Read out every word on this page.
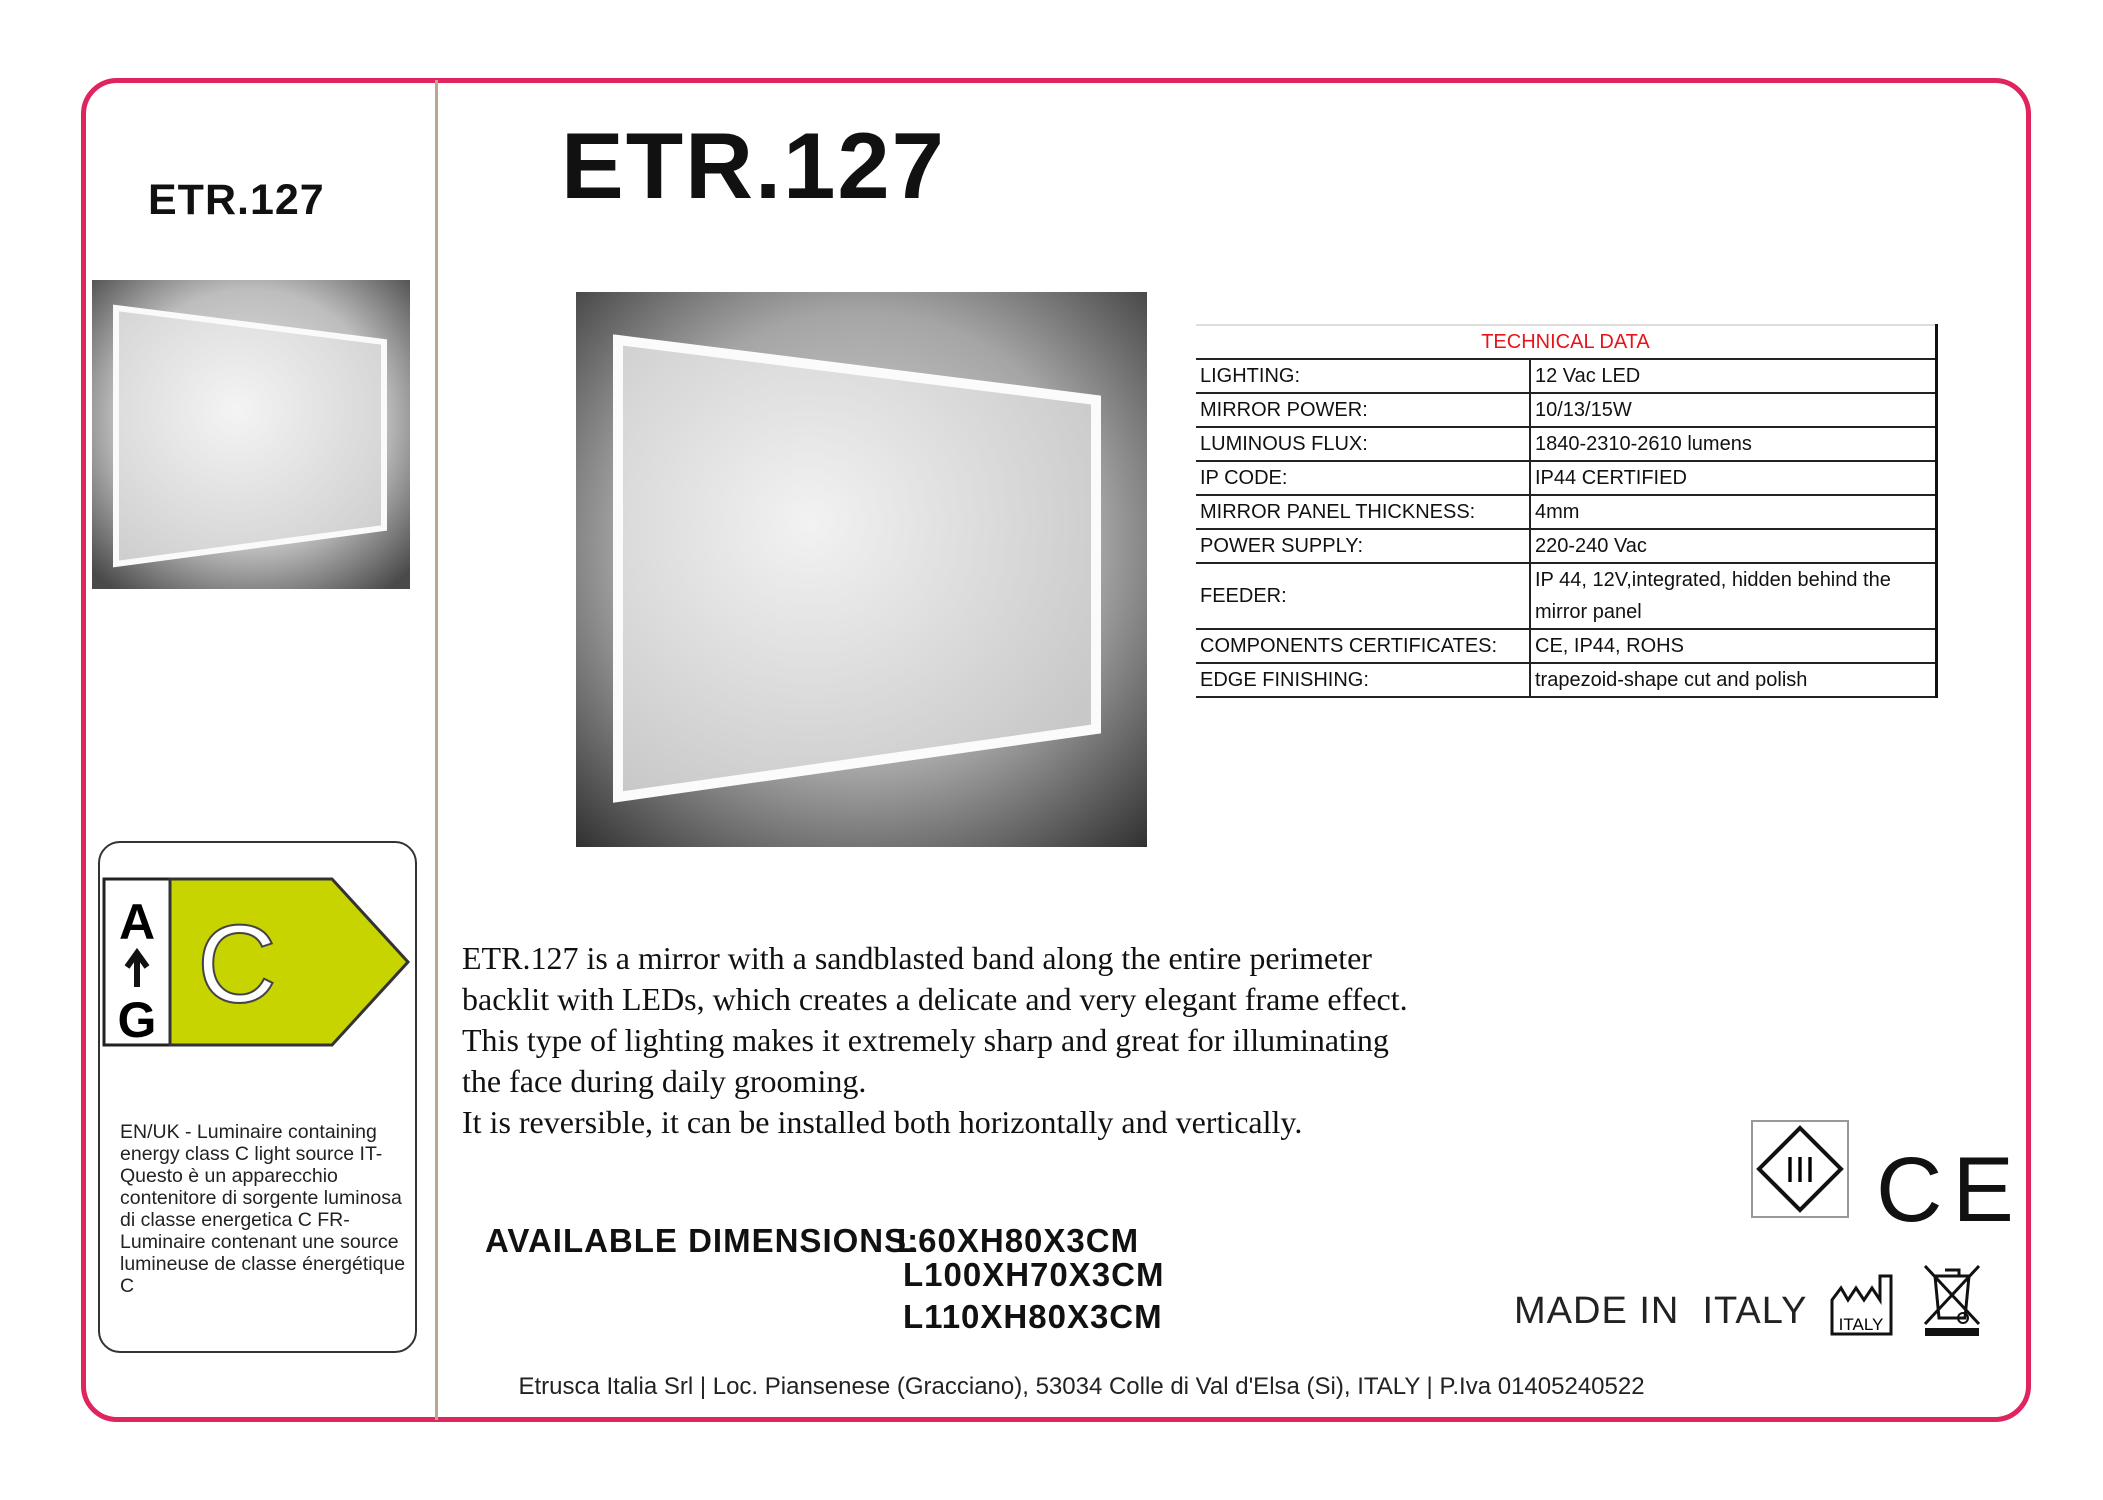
ETR.127
A
G C
EN/UK - Luminaire containing energy class C light source IT- Questo è un apparecchio contenitore di sorgente luminosa di classe energetica C FR- Luminaire contenant une source lumineuse de classe énergétique C
ETR.127
TECHNICAL DATA	
LIGHTING:	12 Vac LED
MIRROR POWER:	10/13/15W
LUMINOUS FLUX:	1840-2310-2610 lumens
IP CODE:	IP44 CERTIFIED
MIRROR PANEL THICKNESS:	4mm
POWER SUPPLY:	220-240 Vac
FEEDER:	IP 44, 12V,integrated, hidden behind the mirror panel
COMPONENTS CERTIFICATES:	CE, IP44, ROHS
EDGE FINISHING:	trapezoid-shape cut and polish
ETR.127 is a mirror with a sandblasted band along the entire perimeter
backlit with LEDs, which creates a delicate and very elegant frame effect.
This type of lighting makes it extremely sharp and great for illuminating
the face during daily grooming.
It is reversible, it can be installed both horizontally and vertically.
AVAILABLE DIMENSIONS:
L60XH80X3CM
L100XH70X3CM
L110XH80X3CM
III CE
MADE IN  ITALY ITALY
Etrusca Italia Srl | Loc. Piansenese (Gracciano), 53034 Colle di Val d'Elsa (Si), ITALY | P.Iva 01405240522
